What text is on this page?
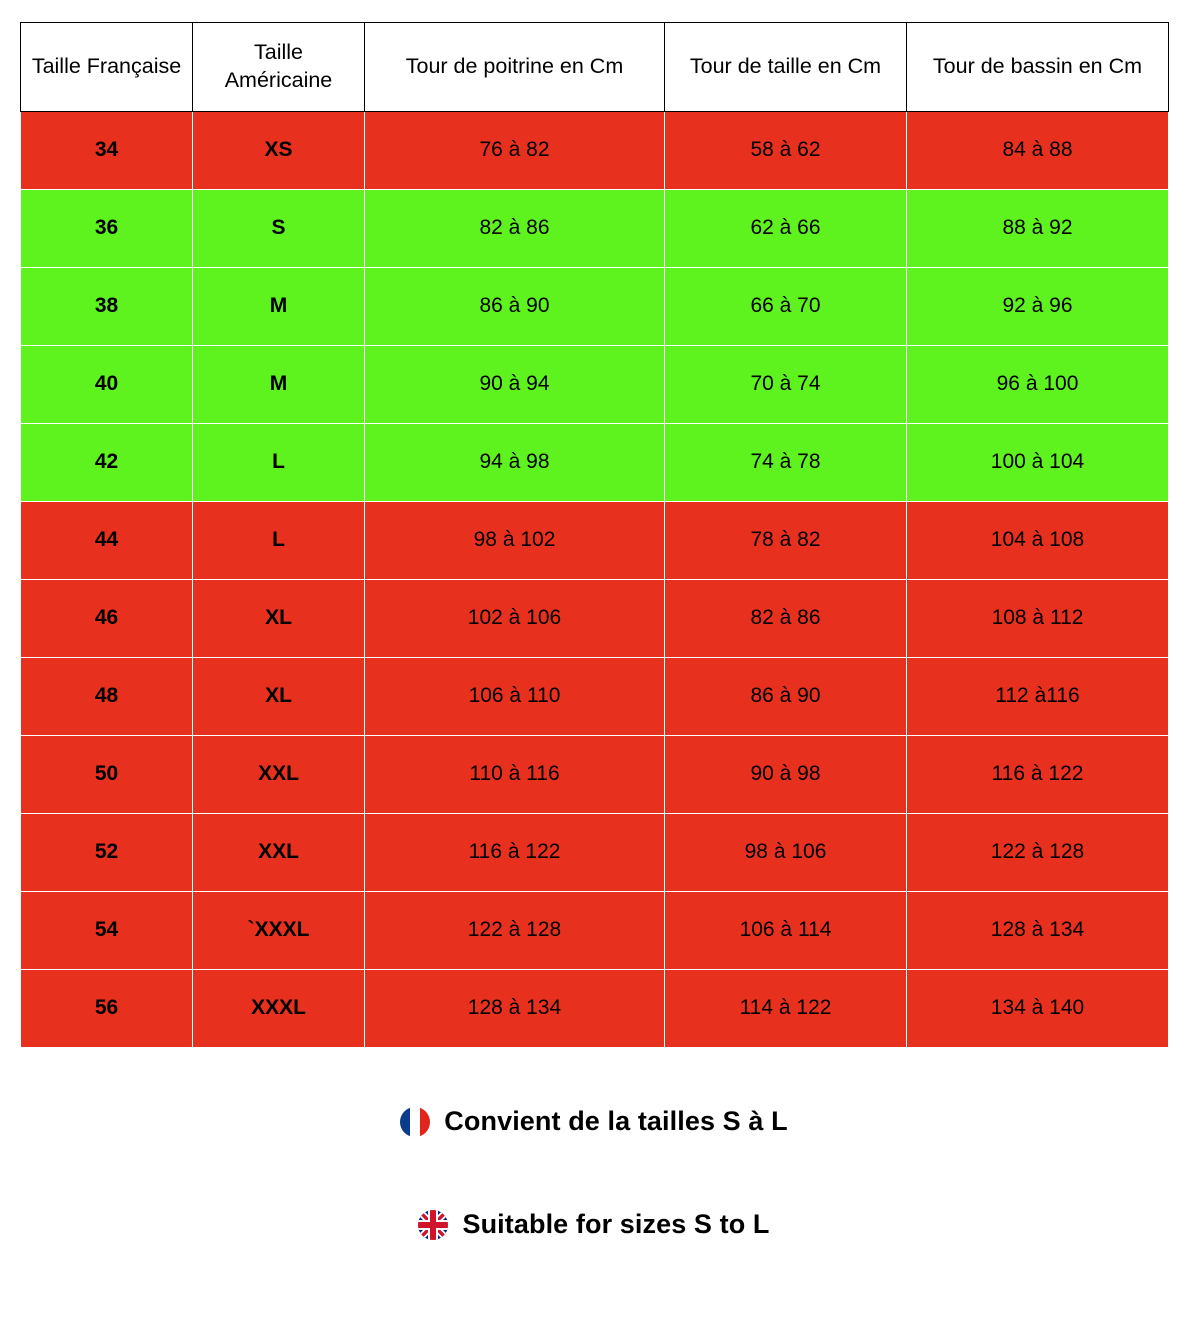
Taille Française	Taille Américaine	Tour de poitrine en Cm	Tour de taille en Cm	Tour de bassin en Cm
34	XS	76 à 82	58 à 62	84 à 88
36	S	82 à 86	62 à 66	88 à 92
38	M	86 à 90	66 à 70	92 à 96
40	M	90 à 94	70 à 74	96 à 100
42	L	94 à 98	74 à 78	100 à 104
44	L	98 à 102	78 à 82	104 à 108
46	XL	102 à 106	82 à 86	108 à 112
48	XL	106 à 110	86 à 90	112 à116
50	XXL	110 à 116	90 à 98	116 à 122
52	XXL	116 à 122	98 à 106	122 à 128
54	`XXXL	122 à 128	106 à 114	128 à 134
56	XXXL	128 à 134	114 à 122	134 à 140
Convient de la tailles S à L
Suitable for sizes S to L
